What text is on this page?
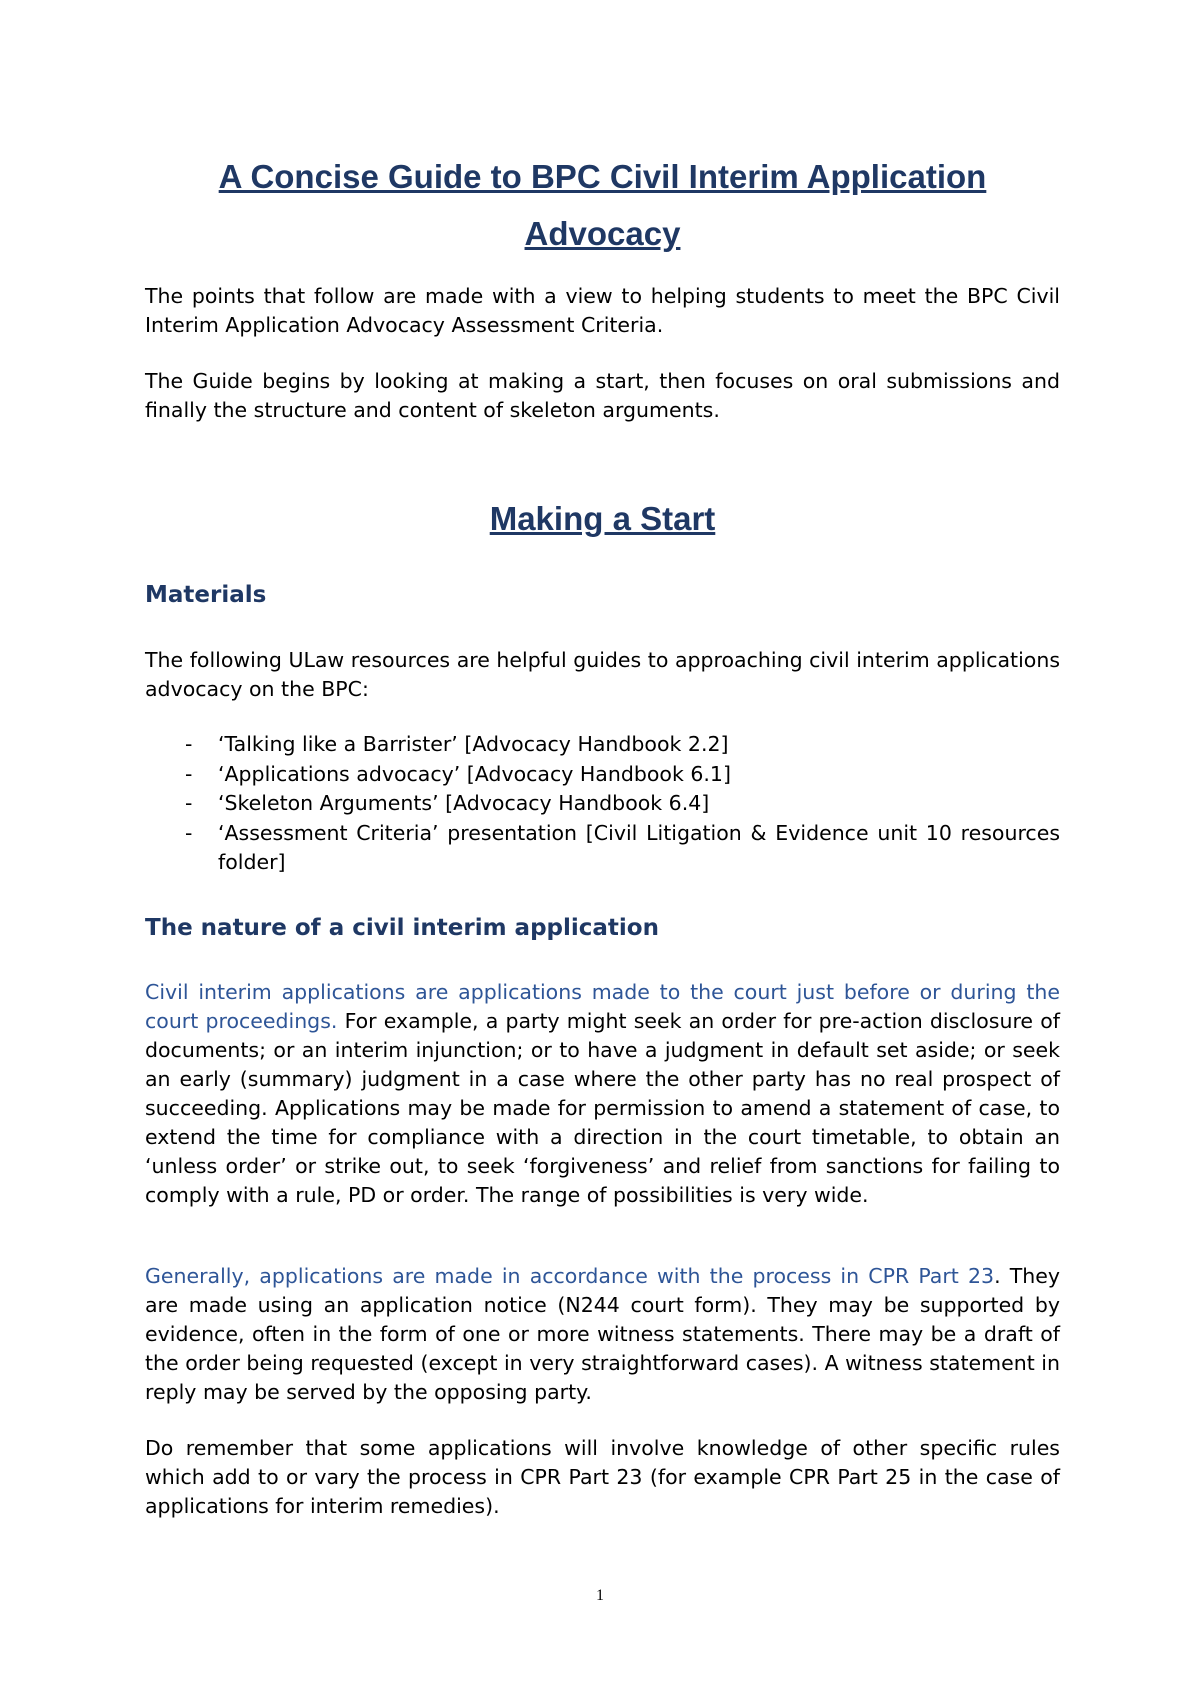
A Concise Guide to BPC Civil Interim Application Advocacy

The points that follow are made with a view to helping students to meet the BPC Civil Interim Application Advocacy Assessment Criteria.

The Guide begins by looking at making a start, then focuses on oral submissions and finally the structure and content of skeleton arguments.

Making a Start
Materials

The following ULaw resources are helpful guides to approaching civil interim applications advocacy on the BPC:

- ‘Talking like a Barrister’ [Advocacy Handbook 2.2]
- ‘Applications advocacy’ [Advocacy Handbook 6.1]
- ‘Skeleton Arguments’ [Advocacy Handbook 6.4]
- ‘Assessment Criteria’ presentation [Civil Litigation & Evidence unit 10 resources folder]
The nature of a civil interim application

Civil interim applications are applications made to the court just before or during the court proceedings. For example, a party might seek an order for pre-action disclosure of documents; or an interim injunction; or to have a judgment in default set aside; or seek an early (summary) judgment in a case where the other party has no real prospect of succeeding. Applications may be made for permission to amend a statement of case, to extend the time for compliance with a direction in the court timetable, to obtain an ‘unless order’ or strike out, to seek ‘forgiveness’ and relief from sanctions for failing to comply with a rule, PD or order. The range of possibilities is very wide.

Generally, applications are made in accordance with the process in CPR Part 23. They are made using an application notice (N244 court form). They may be supported by evidence, often in the form of one or more witness statements. There may be a draft of the order being requested (except in very straightforward cases). A witness statement in reply may be served by the opposing party.

Do remember that some applications will involve knowledge of other specific rules which add to or vary the process in CPR Part 23 (for example CPR Part 25 in the case of applications for interim remedies).

1
